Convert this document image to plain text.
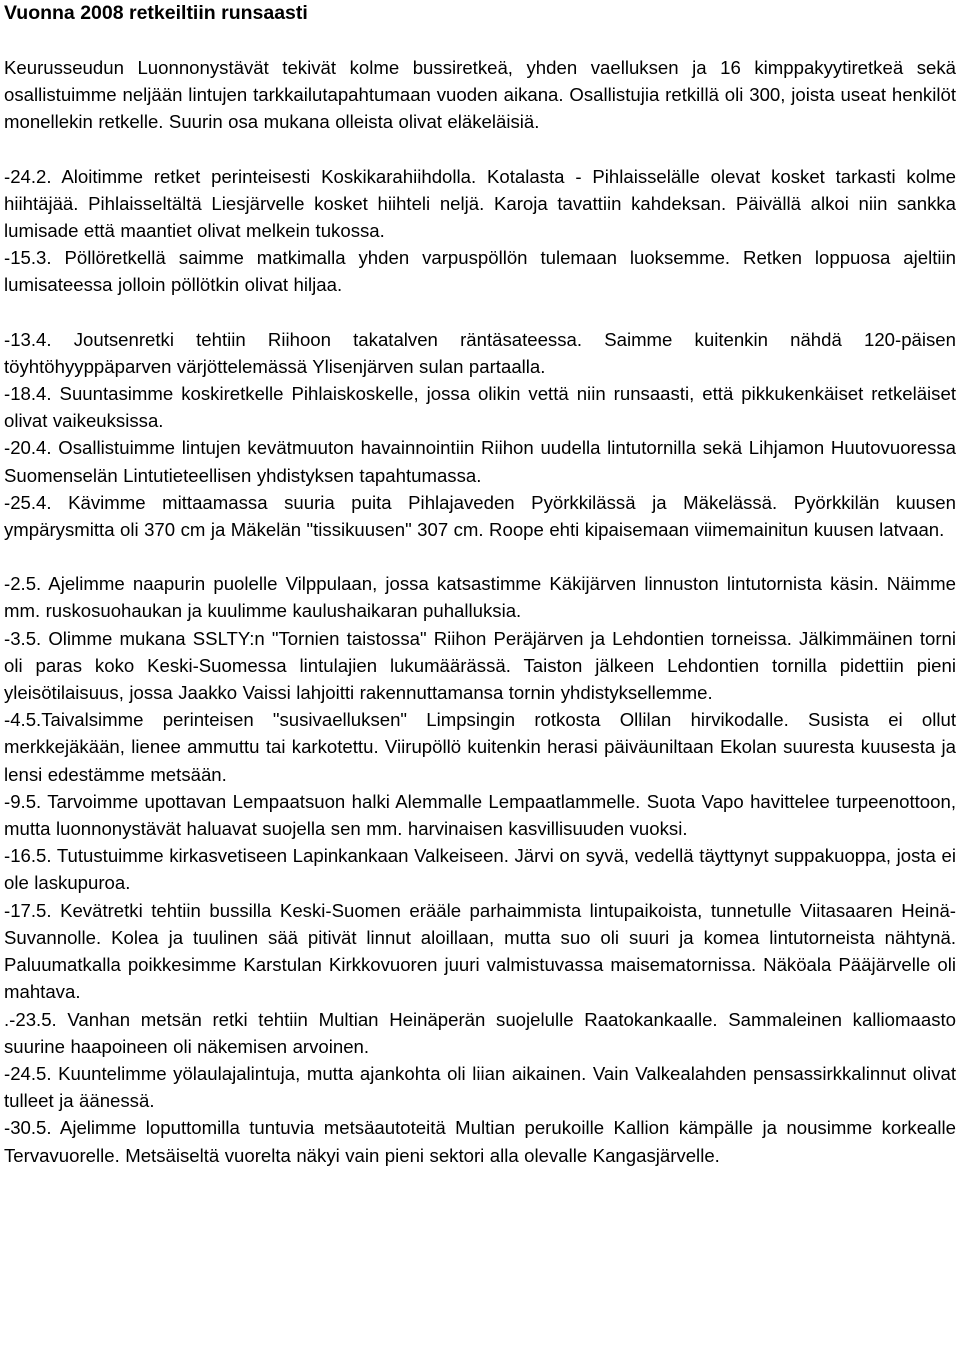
Vuonna 2008 retkeiltiin runsaasti

Keurusseudun Luonnonystävät tekivät kolme bussiretkeä, yhden vaelluksen ja 16 kimppakyytiretkeä sekä osallistuimme neljään lintujen tarkkailutapahtumaan vuoden aikana. Osallistujia retkillä oli 300, joista useat henkilöt monellekin retkelle. Suurin osa mukana olleista olivat eläkeläisiä.

-24.2. Aloitimme retket perinteisesti Koskikarahiihdolla. Kotalasta - Pihlaisselälle olevat kosket tarkasti kolme hiihtäjää. Pihlaisseltältä Liesjärvelle kosket hiihteli neljä. Karoja tavattiin kahdeksan. Päivällä alkoi niin sankka lumisade että maantiet olivat melkein tukossa.

-15.3. Pöllöretkellä saimme matkimalla yhden varpuspöllön tulemaan luoksemme. Retken loppuosa ajeltiin lumisateessa jolloin pöllötkin olivat hiljaa.

-13.4. Joutsenretki tehtiin Riihoon takatalven räntäsateessa. Saimme kuitenkin nähdä 120-päisen töyhtöhyyppäparven värjöttelemässä Ylisenjärven sulan partaalla.

-18.4. Suuntasimme koskiretkelle Pihlaiskoskelle, jossa olikin vettä niin runsaasti, että pikkukenkäiset retkeläiset olivat vaikeuksissa.

-20.4. Osallistuimme lintujen kevätmuuton havainnointiin Riihon uudella lintutornilla sekä Lihjamon Huutovuoressa Suomenselän Lintutieteellisen yhdistyksen tapahtumassa.

-25.4. Kävimme mittaamassa suuria puita Pihlajaveden Pyörkkilässä ja Mäkelässä. Pyörkkilän kuusen ympärysmitta oli 370 cm ja Mäkelän "tissikuusen" 307 cm. Roope ehti kipaisemaan viimemainitun kuusen latvaan.

-2.5. Ajelimme naapurin puolelle Vilppulaan, jossa katsastimme Käkijärven linnuston lintutornista käsin. Näimme mm. ruskosuohaukan ja kuulimme kaulushaikaran puhalluksia.

-3.5. Olimme mukana SSLTY:n "Tornien taistossa" Riihon Peräjärven ja Lehdontien torneissa. Jälkimmäinen torni oli paras koko Keski-Suomessa lintulajien lukumäärässä. Taiston jälkeen Lehdontien tornilla pidettiin pieni yleisötilaisuus, jossa Jaakko Vaissi lahjoitti rakennuttamansa tornin yhdistyksellemme.

-4.5.Taivalsimme perinteisen "susivaelluksen" Limpsingin rotkosta Ollilan hirvikodalle. Susista ei ollut merkkejäkään, lienee ammuttu tai karkotettu. Viirupöllö kuitenkin herasi päiväuniltaan Ekolan suuresta kuusesta ja lensi edestämme metsään.

-9.5. Tarvoimme upottavan Lempaatsuon halki Alemmalle Lempaatlammelle. Suota Vapo havittelee turpeenottoon, mutta luonnonystävät haluavat suojella sen mm. harvinaisen kasvillisuuden vuoksi.

-16.5. Tutustuimme kirkasvetiseen Lapinkankaan Valkeiseen. Järvi on syvä, vedellä täyttynyt suppakuoppa, josta ei ole laskupuroa.

-17.5. Kevätretki tehtiin bussilla Keski-Suomen erääle parhaimmista lintupaikoista, tunnetulle Viitasaaren Heinä-Suvannolle. Kolea ja tuulinen sää pitivät linnut aloillaan, mutta suo oli suuri ja komea lintutorneista nähtynä. Paluumatkalla poikkesimme Karstulan Kirkkovuoren juuri valmistuvassa maisematornissa. Näköala Pääjärvelle oli mahtava.

.-23.5. Vanhan metsän retki tehtiin Multian Heinäperän suojelulle Raatokankaalle. Sammaleinen kalliomaasto suurine haapoineen oli näkemisen arvoinen.

-24.5. Kuuntelimme yölaulajalintuja, mutta ajankohta oli liian aikainen. Vain Valkealahden pensassirkkalinnut olivat tulleet ja äänessä.

-30.5. Ajelimme loputtomilla tuntuvia metsäautoteitä Multian perukoille Kallion kämpälle ja nousimme korkealle Tervavuorelle. Metsäiseltä vuorelta näkyi vain pieni sektori alla olevalle Kangasjärvelle.
